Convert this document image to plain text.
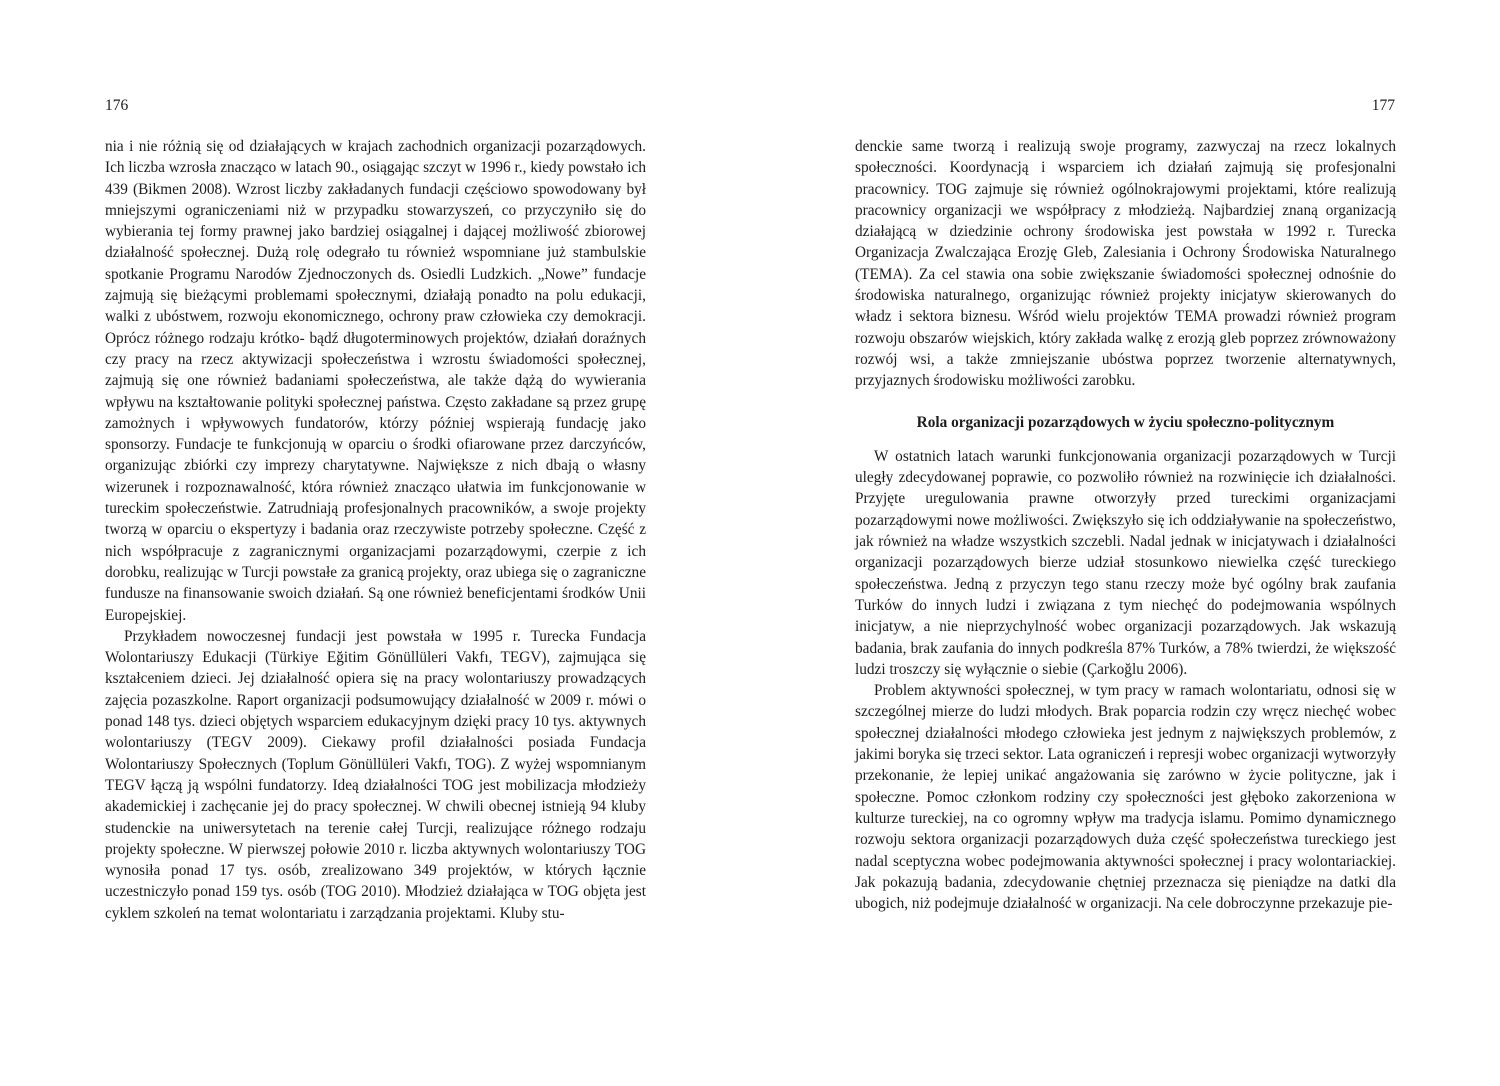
176

nia i nie różnią się od działających w krajach zachodnich organizacji pozarządowych. Ich liczba wzrosła znacząco w latach 90., osiągając szczyt w 1996 r., kiedy powstało ich 439 (Bikmen 2008). Wzrost liczby zakładanych fundacji częściowo spowodowany był mniejszymi ograniczeniami niż w przypadku stowarzyszeń, co przyczyniło się do wybierania tej formy prawnej jako bardziej osiągalnej i dającej możliwość zbiorowej działalność społecznej. Dużą rolę odegrało tu również wspomniane już stambulskie spotkanie Programu Narodów Zjednoczonych ds. Osiedli Ludzkich. „Nowe” fundacje zajmują się bieżącymi problemami społecznymi, działają ponadto na polu edukacji, walki z ubóstwem, rozwoju ekonomicznego, ochrony praw człowieka czy demokracji. Oprócz różnego rodzaju krótko- bądź długoterminowych projektów, działań doraźnych czy pracy na rzecz aktywizacji społeczeństwa i wzrostu świadomości społecznej, zajmują się one również badaniami społeczeństwa, ale także dążą do wywierania wpływu na kształtowanie polityki społecznej państwa. Często zakładane są przez grupę zamożnych i wpływowych fundatorów, którzy później wspierają fundację jako sponsorzy. Fundacje te funkcjonują w oparciu o środki ofiarowane przez darczyńców, organizując zbiórki czy imprezy charytatywne. Największe z nich dbają o własny wizerunek i rozpoznawalność, która również znacząco ułatwia im funkcjonowanie w tureckim społeczeństwie. Zatrudniają profesjonalnych pracowników, a swoje projekty tworzą w oparciu o ekspertyzy i badania oraz rzeczywiste potrzeby społeczne. Część z nich współpracuje z zagranicznymi organizacjami pozarządowymi, czerpie z ich dorobku, realizując w Turcji powstałe za granicą projekty, oraz ubiega się o zagraniczne fundusze na finansowanie swoich działań. Są one również beneficjentami środków Unii Europejskiej.

Przykładem nowoczesnej fundacji jest powstała w 1995 r. Turecka Fundacja Wolontariuszy Edukacji (Türkiye Eğitim Gönüllüleri Vakfı, TEGV), zajmująca się kształceniem dzieci. Jej działalność opiera się na pracy wolontariuszy prowadzących zajęcia pozaszkolne. Raport organizacji podsumowujący działalność w 2009 r. mówi o ponad 148 tys. dzieci objętych wsparciem edukacyjnym dzięki pracy 10 tys. aktywnych wolontariuszy (TEGV 2009). Ciekawy profil działalności posiada Fundacja Wolontariuszy Społecznych (Toplum Gönüllüleri Vakfı, TOG). Z wyżej wspomnianym TEGV łączą ją wspólni fundatorzy. Ideą działalności TOG jest mobilizacja młodzieży akademickiej i zachęcanie jej do pracy społecznej. W chwili obecnej istnieją 94 kluby studenckie na uniwersytetach na terenie całej Turcji, realizujące różnego rodzaju projekty społeczne. W pierwszej połowie 2010 r. liczba aktywnych wolontariuszy TOG wynosiła ponad 17 tys. osób, zrealizowano 349 projektów, w których łącznie uczestniczyło ponad 159 tys. osób (TOG 2010). Młodzież działająca w TOG objęta jest cyklem szkoleń na temat wolontariatu i zarządzania projektami. Kluby stu-

177

denckie same tworzą i realizują swoje programy, zazwyczaj na rzecz lokalnych społeczności. Koordynacją i wsparciem ich działań zajmują się profesjonalni pracownicy. TOG zajmuje się również ogólnokrajowymi projektami, które realizują pracownicy organizacji we współpracy z młodzieżą. Najbardziej znaną organizacją działającą w dziedzinie ochrony środowiska jest powstała w 1992 r. Turecka Organizacja Zwalczająca Erozję Gleb, Zalesiania i Ochrony Środowiska Naturalnego (TEMA). Za cel stawia ona sobie zwiększanie świadomości społecznej odnośnie do środowiska naturalnego, organizując również projekty inicjatyw skierowanych do władz i sektora biznesu. Wśród wielu projektów TEMA prowadzi również program rozwoju obszarów wiejskich, który zakłada walkę z erozją gleb poprzez zrównoważony rozwój wsi, a także zmniejszanie ubóstwa poprzez tworzenie alternatywnych, przyjaznych środowisku możliwości zarobku.

Rola organizacji pozarządowych w życiu społeczno-politycznym

W ostatnich latach warunki funkcjonowania organizacji pozarządowych w Turcji uległy zdecydowanej poprawie, co pozwoliło również na rozwinięcie ich działalności. Przyjęte uregulowania prawne otworzyły przed tureckimi organizacjami pozarządowymi nowe możliwości. Zwiększyło się ich oddziaływanie na społeczeństwo, jak również na władze wszystkich szczebli. Nadal jednak w inicjatywach i działalności organizacji pozarządowych bierze udział stosunkowo niewielka część tureckiego społeczeństwa. Jedną z przyczyn tego stanu rzeczy może być ogólny brak zaufania Turków do innych ludzi i związana z tym niechęć do podejmowania wspólnych inicjatyw, a nie nieprzychylność wobec organizacji pozarządowych. Jak wskazują badania, brak zaufania do innych podkreśla 87% Turków, a 78% twierdzi, że większość ludzi troszczy się wyłącznie o siebie (Çarkoğlu 2006).

Problem aktywności społecznej, w tym pracy w ramach wolontariatu, odnosi się w szczególnej mierze do ludzi młodych. Brak poparcia rodzin czy wręcz niechęć wobec społecznej działalności młodego człowieka jest jednym z największych problemów, z jakimi boryka się trzeci sektor. Lata ograniczeń i represji wobec organizacji wytworzyły przekonanie, że lepiej unikać angażowania się zarówno w życie polityczne, jak i społeczne. Pomoc członkom rodziny czy społeczności jest głęboko zakorzeniona w kulturze tureckiej, na co ogromny wpływ ma tradycja islamu. Pomimo dynamicznego rozwoju sektora organizacji pozarządowych duża część społeczeństwa tureckiego jest nadal sceptyczna wobec podejmowania aktywności społecznej i pracy wolontariackiej. Jak pokazują badania, zdecydowanie chętniej przeznacza się pieniądze na datki dla ubogich, niż podejmuje działalność w organizacji. Na cele dobroczynne przekazuje pie-
